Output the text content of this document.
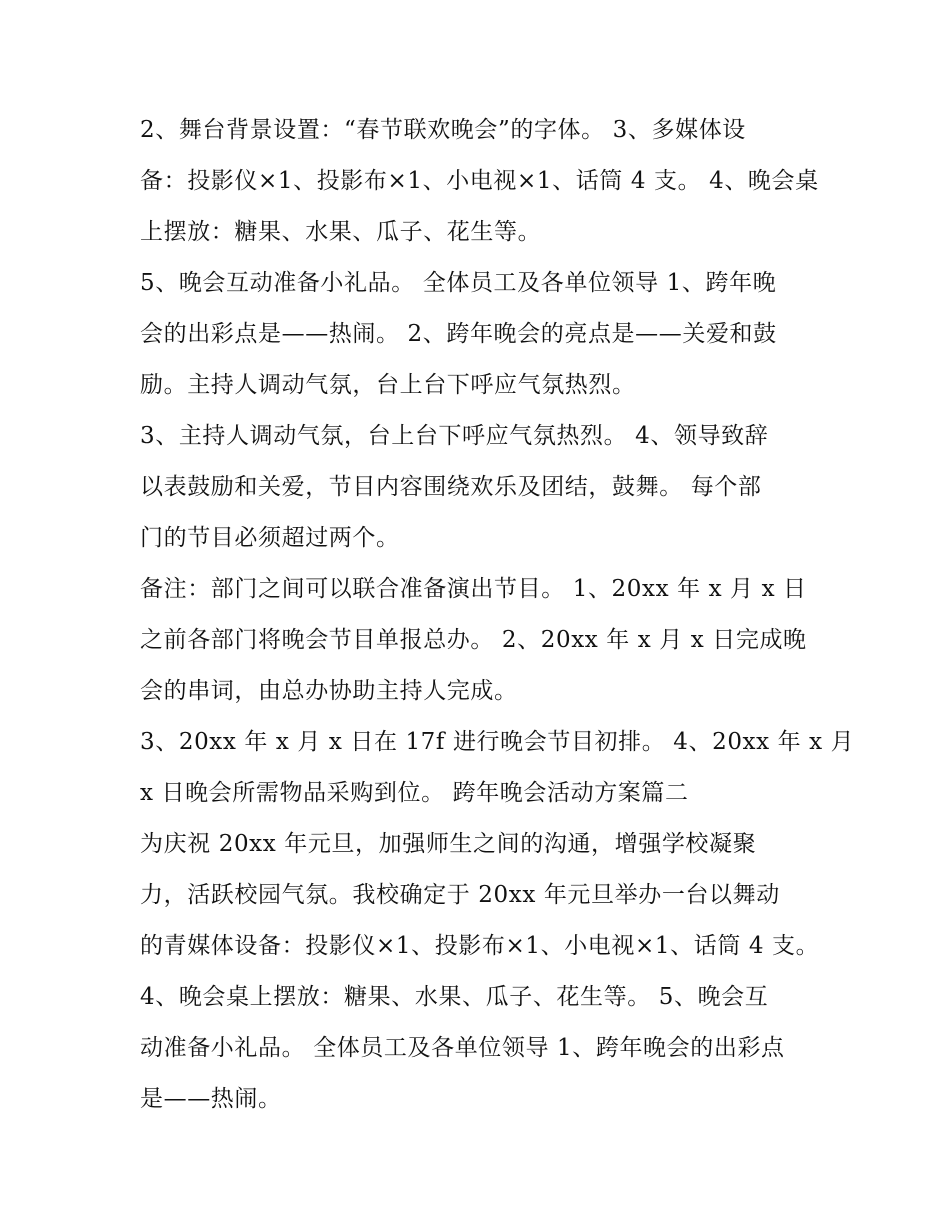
2、舞台背景设置：“春节联欢晚会”的字体。 3、多媒体设
备：投影仪×1、投影布×1、小电视×1、话筒 4 支。 4、晚会桌
上摆放：糖果、水果、瓜子、花生等。
5、晚会互动准备小礼品。 全体员工及各单位领导 1、跨年晚
会的出彩点是——热闹。 2、跨年晚会的亮点是——关爱和鼓
励。主持人调动气氛，台上台下呼应气氛热烈。
3、主持人调动气氛，台上台下呼应气氛热烈。 4、领导致辞
以表鼓励和关爱，节目内容围绕欢乐及团结，鼓舞。 每个部
门的节目必须超过两个。
备注：部门之间可以联合准备演出节目。 1、20xx 年 x 月 x 日
之前各部门将晚会节目单报总办。 2、20xx 年 x 月 x 日完成晚
会的串词，由总办协助主持人完成。
3、20xx 年 x 月 x 日在 17f 进行晚会节目初排。 4、20xx 年 x 月
x 日晚会所需物品采购到位。 跨年晚会活动方案篇二
为庆祝 20xx 年元旦，加强师生之间的沟通，增强学校凝聚
力，活跃校园气氛。我校确定于 20xx 年元旦举办一台以舞动
的青媒体设备：投影仪×1、投影布×1、小电视×1、话筒 4 支。
4、晚会桌上摆放：糖果、水果、瓜子、花生等。 5、晚会互
动准备小礼品。 全体员工及各单位领导 1、跨年晚会的出彩点
是——热闹。
